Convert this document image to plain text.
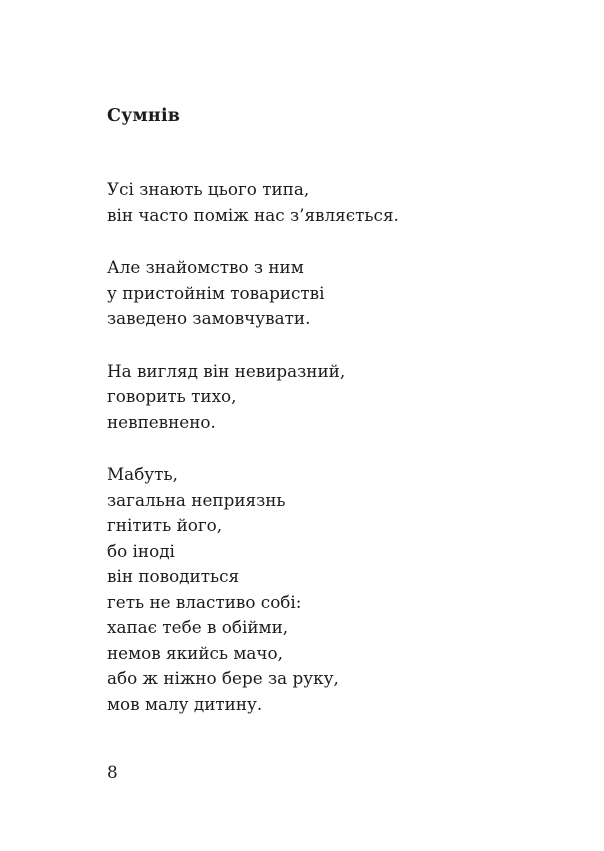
Сумнів
Усі знають цього типа,
він часто поміж нас з’являється.
Але знайомство з ним
у пристойнім товаристві
заведено замовчувати.
На вигляд він невиразний,
говорить тихо,
невпевнено.
Мабуть,
загальна неприязнь
гнітить його,
бо іноді
він поводиться
геть не властиво собі:
хапає тебе в обійми,
немов якийсь мачо,
або ж ніжно бере за руку,
мов малу дитину.
8
